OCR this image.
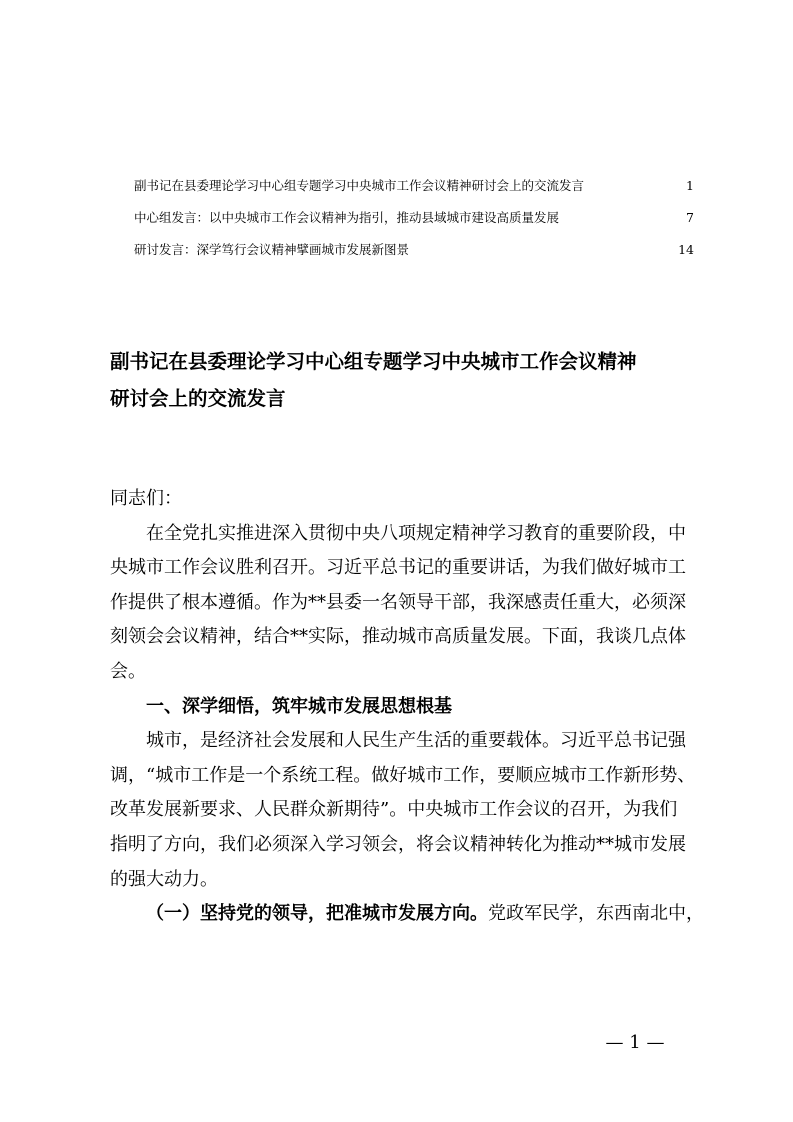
副书记在县委理论学习中心组专题学习中央城市工作会议精神研讨会上的交流发言	1
中心组发言：以中央城市工作会议精神为指引，推动县域城市建设高质量发展	7
研讨发言：深学笃行会议精神擘画城市发展新图景	14
副书记在县委理论学习中心组专题学习中央城市工作会议精神
研讨会上的交流发言
同志们：
在全党扎实推进深入贯彻中央八项规定精神学习教育的重要阶段，中
央城市工作会议胜利召开。习近平总书记的重要讲话，为我们做好城市工
作提供了根本遵循。作为**县委一名领导干部，我深感责任重大，必须深
刻领会会议精神，结合**实际，推动城市高质量发展。下面，我谈几点体
会。
一、深学细悟，筑牢城市发展思想根基
城市，是经济社会发展和人民生产生活的重要载体。习近平总书记强
调，“城市工作是一个系统工程。做好城市工作，要顺应城市工作新形势、
改革发展新要求、人民群众新期待”。中央城市工作会议的召开，为我们
指明了方向，我们必须深入学习领会，将会议精神转化为推动**城市发展
的强大动力。
（一）坚持党的领导，把准城市发展方向。党政军民学，东西南北中，
— 1 —
